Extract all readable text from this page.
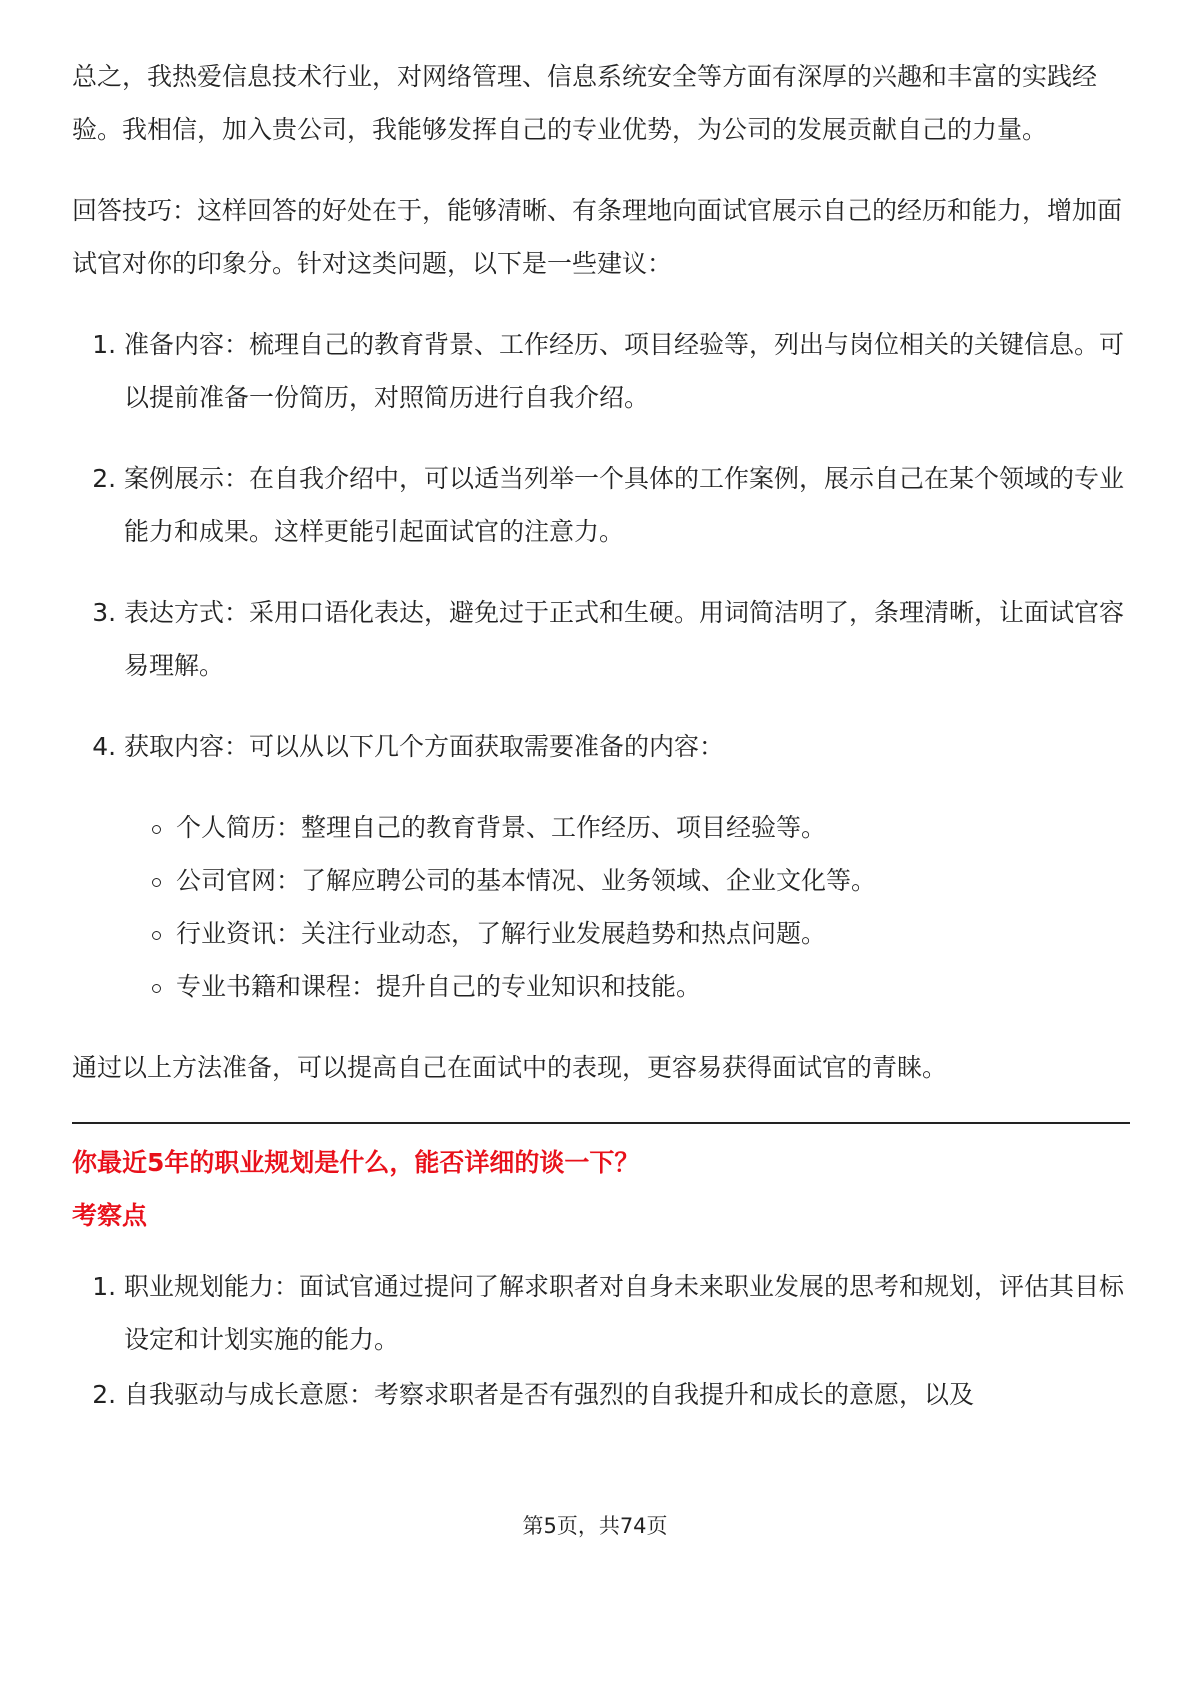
总之，我热爱信息技术行业，对网络管理、信息系统安全等方面有深厚的兴趣和丰富的实践经验。我相信，加入贵公司，我能够发挥自己的专业优势，为公司的发展贡献自己的力量。

回答技巧：这样回答的好处在于，能够清晰、有条理地向面试官展示自己的经历和能力，增加面试官对你的印象分。针对这类问题，以下是一些建议：

1. 准备内容：梳理自己的教育背景、工作经历、项目经验等，列出与岗位相关的关键信息。可以提前准备一份简历，对照简历进行自我介绍。
2. 案例展示：在自我介绍中，可以适当列举一个具体的工作案例，展示自己在某个领域的专业能力和成果。这样更能引起面试官的注意力。
3. 表达方式：采用口语化表达，避免过于正式和生硬。用词简洁明了，条理清晰，让面试官容易理解。
4. 获取内容：可以从以下几个方面获取需要准备的内容：
个人简历：整理自己的教育背景、工作经历、项目经验等。
公司官网：了解应聘公司的基本情况、业务领域、企业文化等。
行业资讯：关注行业动态，了解行业发展趋势和热点问题。
专业书籍和课程：提升自己的专业知识和技能。

通过以上方法准备，可以提高自己在面试中的表现，更容易获得面试官的青睐。

你最近5年的职业规划是什么，能否详细的谈一下？

考察点

1. 职业规划能力：面试官通过提问了解求职者对自身未来职业发展的思考和规划，评估其目标设定和计划实施的能力。
2. 自我驱动与成长意愿：考察求职者是否有强烈的自我提升和成长的意愿，以及
第5页，共74页
